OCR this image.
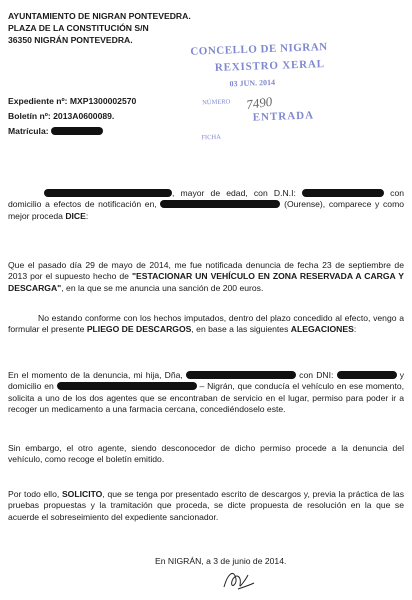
AYUNTAMIENTO DE NIGRAN PONTEVEDRA.
PLAZA DE LA CONSTITUCIÓN S/N
36350 NIGRÁN PONTEVEDRA.
Expediente nº: MXP1300002570
Boletín nº: 2013A0600089.
Matrícula:
CONCELLO DE NIGRAN
REXISTRO XERAL
03 JUN. 2014
NÚMERO 7490
ENTRADA
FICHA
, mayor de edad, con D.N.I:	con domicilio a efectos de notificación en,	(Ourense), comparece y como mejor proceda DICE:
Que el pasado día 29 de mayo de 2014, me fue notificada denuncia de fecha 23 de septiembre de 2013 por el supuesto hecho de "ESTACIONAR UN VEHÍCULO EN ZONA RESERVADA A CARGA Y DESCARGA", en la que se me anuncia una sanción de 200 euros.
No estando conforme con los hechos imputados, dentro del plazo concedido al efecto, vengo a formular el presente PLIEGO DE DESCARGOS, en base a las siguientes ALEGACIONES:
En el momento de la denuncia, mi hija, Dña,	con DNI:	y domicilio en	– Nigrán, que conducía el vehículo en ese momento, solicita a uno de los dos agentes que se encontraban de servicio en el lugar, permiso para poder ir a recoger un medicamento a una farmacia cercana, concediéndoselo este.
Sin embargo, el otro agente, siendo desconocedor de dicho permiso procede a la denuncia del vehículo, como recoge el boletín emitido.
Por todo ello, SOLICITO, que se tenga por presentado escrito de descargos y, previa la práctica de las pruebas propuestas y la tramitación que proceda, se dicte propuesta de resolución en la que se acuerde el sobreseimiento del expediente sancionador.
En NIGRÁN, a 3 de junio de 2014.
